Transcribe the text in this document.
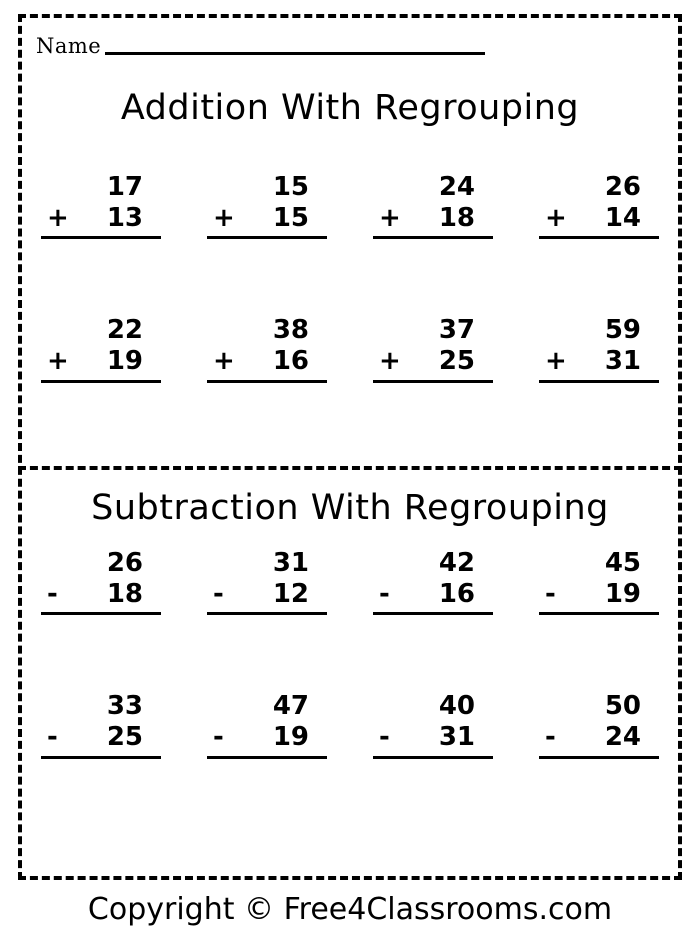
Name
Addition With Regrouping
17
+ 13
15
+ 15
24
+ 18
26
+ 14
22
+ 19
38
+ 16
37
+ 25
59
+ 31
Subtraction With Regrouping
26
- 18
31
- 12
42
- 16
45
- 19
33
- 25
47
- 19
40
- 31
50
- 24
Copyright © Free4Classrooms.com
